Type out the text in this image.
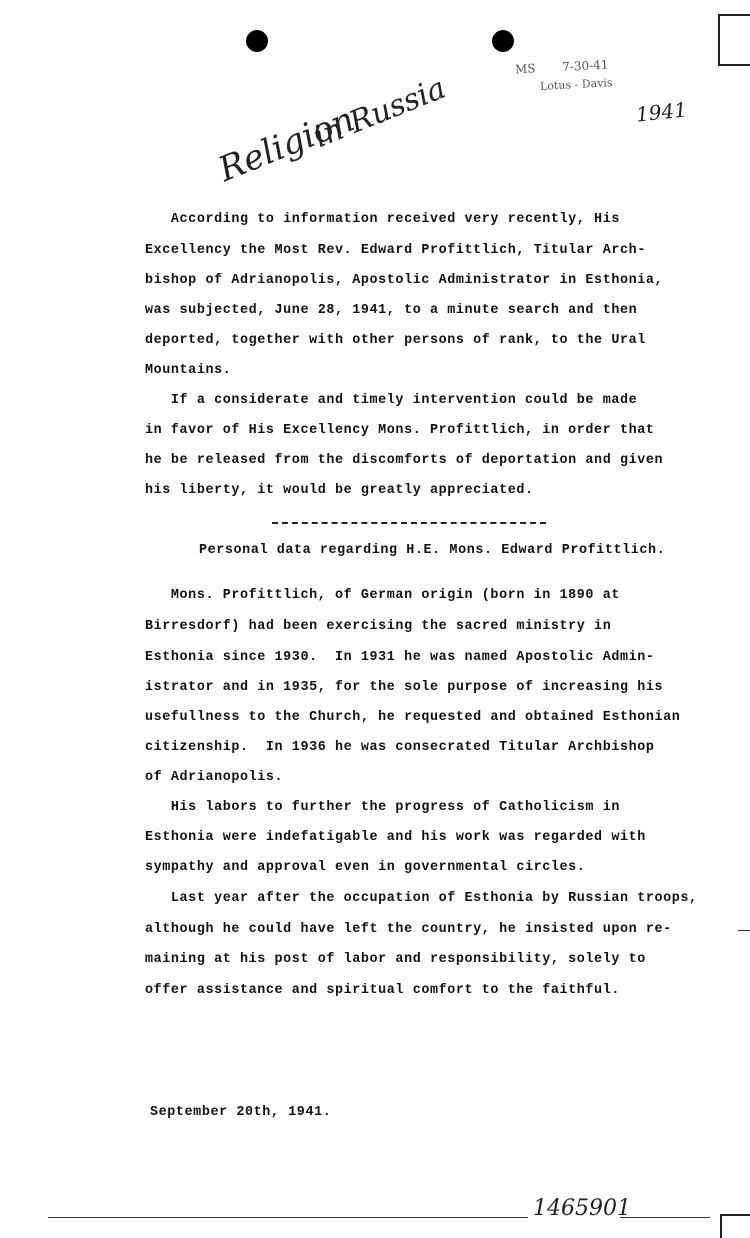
MS       7-30-41
Lotus - Davis
1941
Religion
in Russia
According to information received very recently, His
Excellency the Most Rev. Edward Profittlich, Titular Arch-
bishop of Adrianopolis, Apostolic Administrator in Esthonia,
was subjected, June 28, 1941, to a minute search and then
deported, together with other persons of rank, to the Ural
Mountains.
If a considerate and timely intervention could be made
in favor of His Excellency Mons. Profittlich, in order that
he be released from the discomforts of deportation and given
his liberty, it would be greatly appreciated.
Personal data regarding H.E. Mons. Edward Profittlich.
Mons. Profittlich, of German origin (born in 1890 at
Birresdorf) had been exercising the sacred ministry in
Esthonia since 1930.  In 1931 he was named Apostolic Admin-
istrator and in 1935, for the sole purpose of increasing his
usefullness to the Church, he requested and obtained Esthonian
citizenship.  In 1936 he was consecrated Titular Archbishop
of Adrianopolis.
His labors to further the progress of Catholicism in
Esthonia were indefatigable and his work was regarded with
sympathy and approval even in governmental circles.
Last year after the occupation of Esthonia by Russian troops,
although he could have left the country, he insisted upon re-
maining at his post of labor and responsibility, solely to
offer assistance and spiritual comfort to the faithful.
September 20th, 1941.
1465901
